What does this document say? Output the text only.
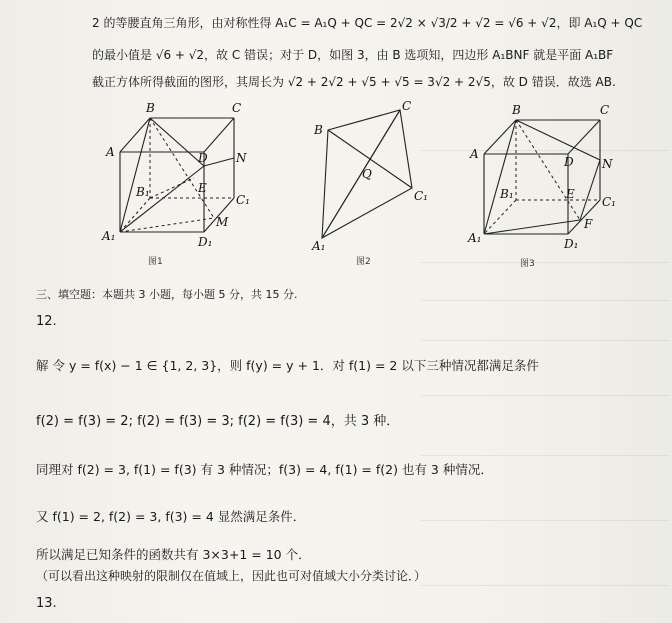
2 的等腰直角三角形，由对称性得 A₁C = A₁Q + QC = 2√2 × √3/2 + √2 = √6 + √2，即 A₁Q + QC
的最小值是 √6 + √2，故 C 错误；对于 D，如图 3，由 B 选项知，四边形 A₁BNF 就是平面 A₁BF
截正方体所得截面的图形，其周长为 √2 + 2√2 + √5 + √5 = 3√2 + 2√5，故 D 错误．故选 AB.
B	C
A	D N
B₁	E
C₁
M
A₁	D₁
图1
B
C
Q
C₁
A₁
图2
B	C
A
D N
B₁	E
C₁
F
A₁	D₁
图3
三、填空题：本题共 3 小题，每小题 5 分，共 15 分.
12.
解 令 y = f(x) − 1 ∈ {1, 2, 3}，则 f(y) = y + 1．对 f(1) = 2 以下三种情况都满足条件
f(2) = f(3) = 2; f(2) = f(3) = 3; f(2) = f(3) = 4，共 3 种．
同理对 f(2) = 3, f(1) = f(3) 有 3 种情况；f(3) = 4, f(1) = f(2) 也有 3 种情况．
又 f(1) = 2, f(2) = 3, f(3) = 4 显然满足条件．
所以满足已知条件的函数共有 3×3+1 = 10 个．
（可以看出这种映射的限制仅在值域上，因此也可对值域大小分类讨论．）
13.
